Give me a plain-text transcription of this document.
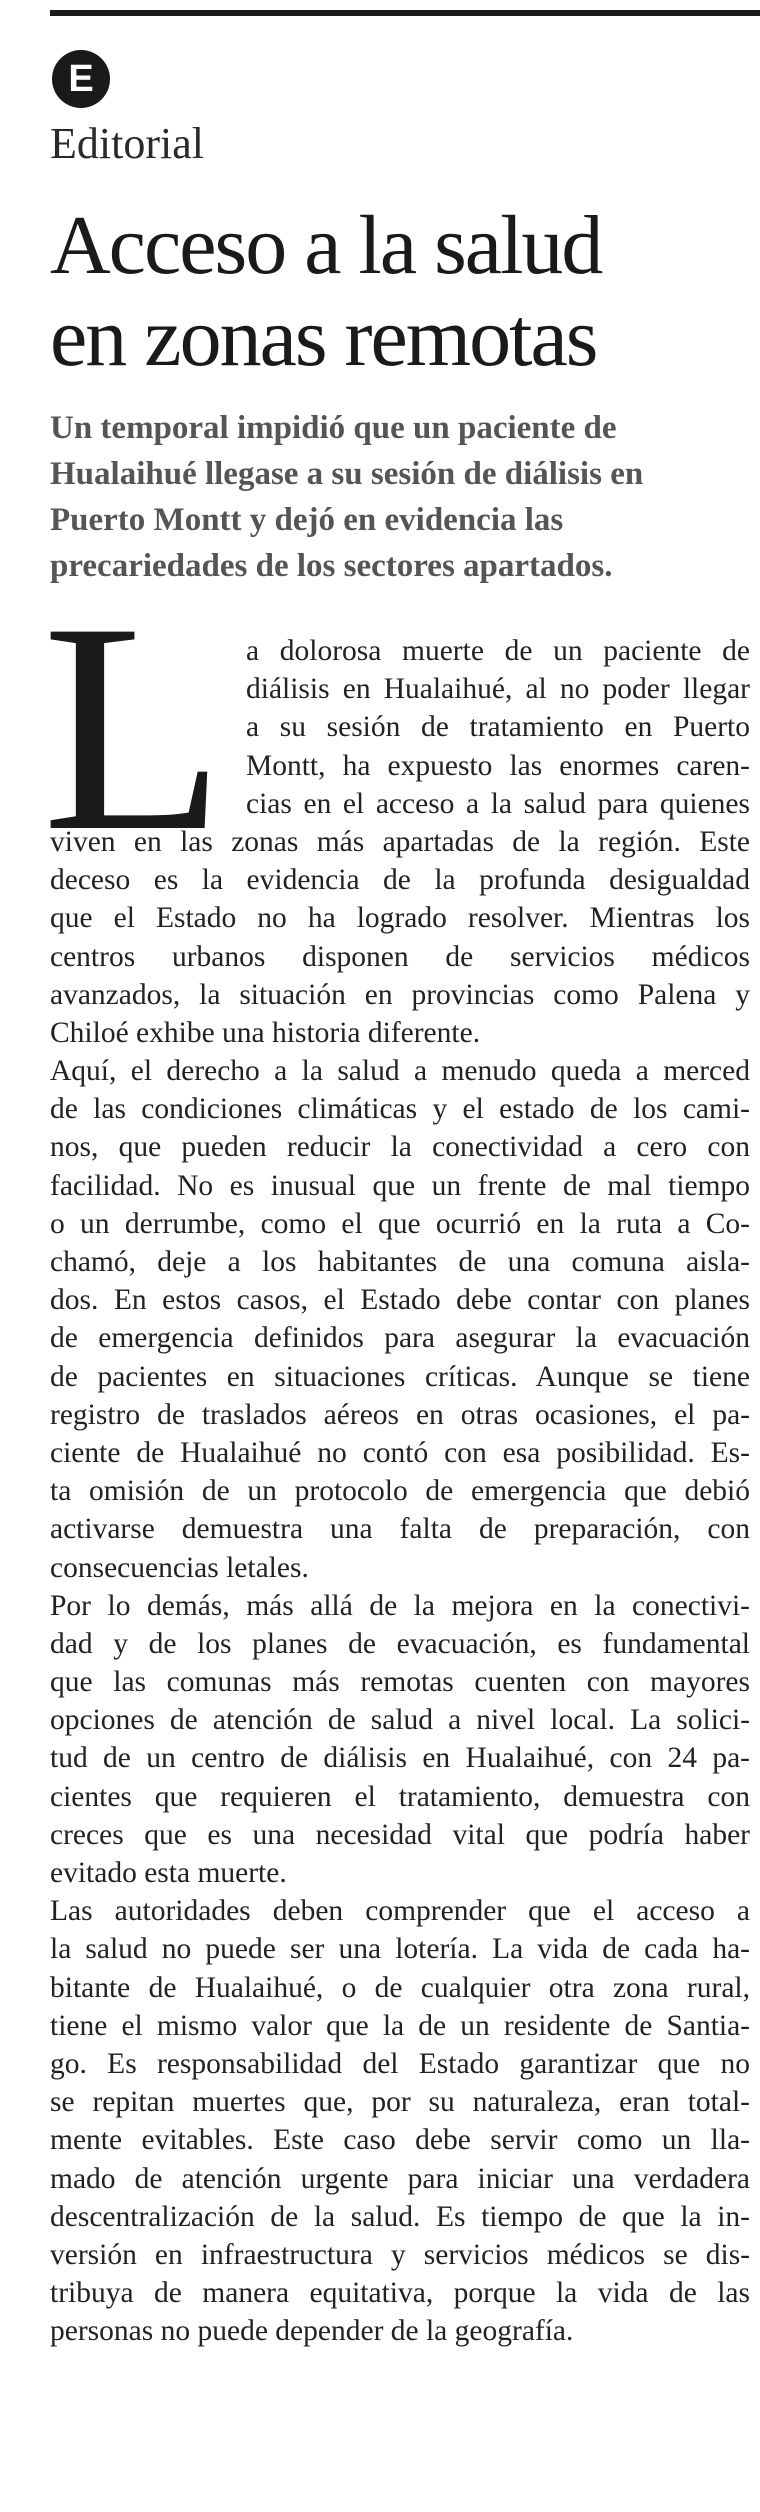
E
Editorial
Acceso a la salud
en zonas remotas
Un temporal impidió que un paciente de
Hualaihué llegase a su sesión de diálisis en
Puerto Montt y dejó en evidencia las
precariedades de los sectores apartados.
L a dolorosa muerte de un paciente de
diálisis en Hualaihué, al no poder llegar
a su sesión de tratamiento en Puerto
Montt, ha expuesto las enormes caren-
cias en el acceso a la salud para quienes
viven en las zonas más apartadas de la región. Este
deceso es la evidencia de la profunda desigualdad
que el Estado no ha logrado resolver. Mientras los
centros urbanos disponen de servicios médicos
avanzados, la situación en provincias como Palena y
Chiloé exhibe una historia diferente.
Aquí, el derecho a la salud a menudo queda a merced
de las condiciones climáticas y el estado de los cami-
nos, que pueden reducir la conectividad a cero con
facilidad. No es inusual que un frente de mal tiempo
o un derrumbe, como el que ocurrió en la ruta a Co-
chamó, deje a los habitantes de una comuna aisla-
dos. En estos casos, el Estado debe contar con planes
de emergencia definidos para asegurar la evacuación
de pacientes en situaciones críticas. Aunque se tiene
registro de traslados aéreos en otras ocasiones, el pa-
ciente de Hualaihué no contó con esa posibilidad. Es-
ta omisión de un protocolo de emergencia que debió
activarse demuestra una falta de preparación, con
consecuencias letales.
Por lo demás, más allá de la mejora en la conectivi-
dad y de los planes de evacuación, es fundamental
que las comunas más remotas cuenten con mayores
opciones de atención de salud a nivel local. La solici-
tud de un centro de diálisis en Hualaihué, con 24 pa-
cientes que requieren el tratamiento, demuestra con
creces que es una necesidad vital que podría haber
evitado esta muerte.
Las autoridades deben comprender que el acceso a
la salud no puede ser una lotería. La vida de cada ha-
bitante de Hualaihué, o de cualquier otra zona rural,
tiene el mismo valor que la de un residente de Santia-
go. Es responsabilidad del Estado garantizar que no
se repitan muertes que, por su naturaleza, eran total-
mente evitables. Este caso debe servir como un lla-
mado de atención urgente para iniciar una verdadera
descentralización de la salud. Es tiempo de que la in-
versión en infraestructura y servicios médicos se dis-
tribuya de manera equitativa, porque la vida de las
personas no puede depender de la geografía.
